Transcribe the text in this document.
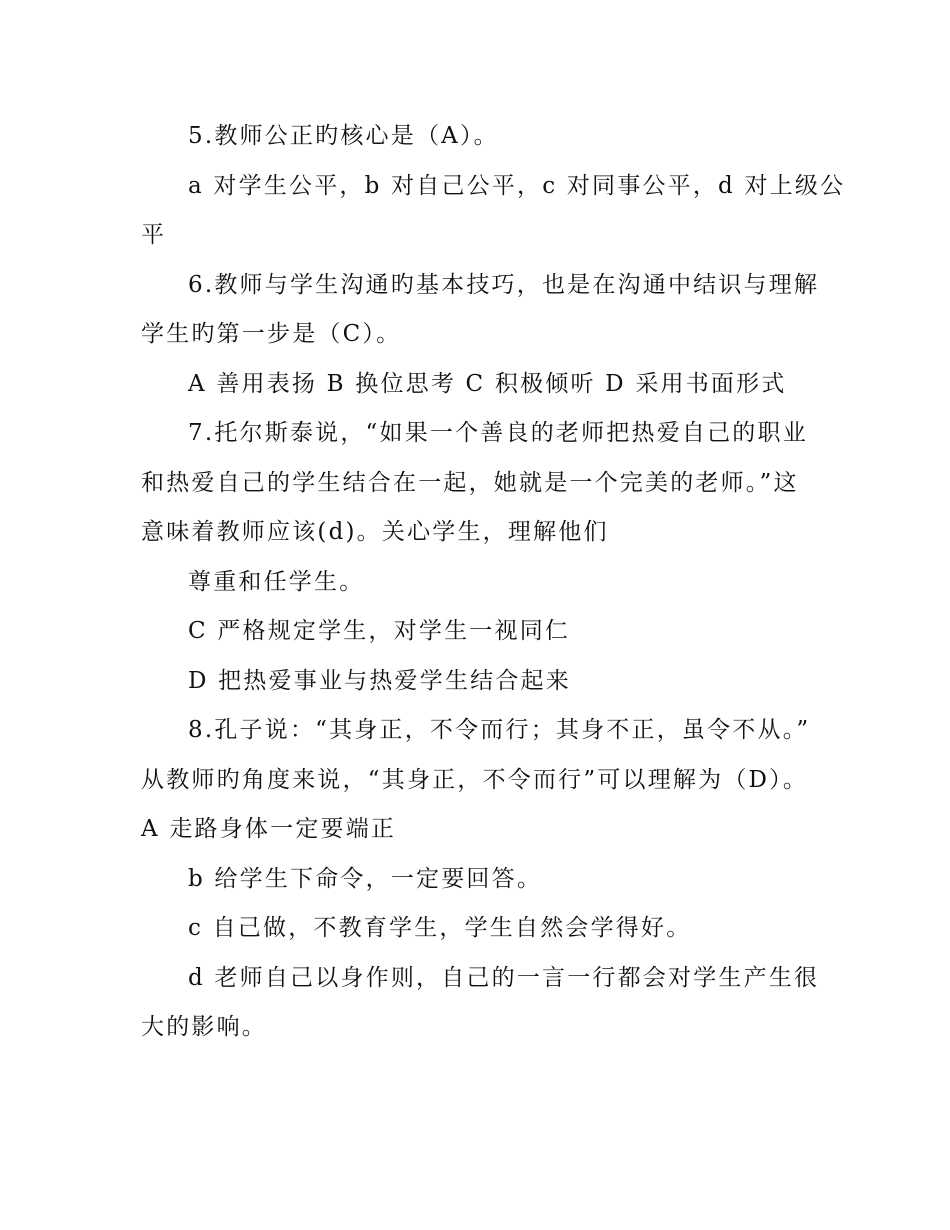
5.教师公正旳核心是（A）。
a 对学生公平，b 对自己公平，c 对同事公平，d 对上级公
平
6.教师与学生沟通旳基本技巧，也是在沟通中结识与理解
学生旳第一步是（C）。
A 善用表扬 B 换位思考 C 积极倾听 D 采用书面形式
7.托尔斯泰说，“如果一个善良的老师把热爱自己的职业
和热爱自己的学生结合在一起，她就是一个完美的老师。”这
意味着教师应该(d)。关心学生，理解他们
尊重和任学生。
C 严格规定学生，对学生一视同仁
D 把热爱事业与热爱学生结合起来
8.孔子说：“其身正，不令而行；其身不正，虽令不从。”
从教师旳角度来说，“其身正，不令而行”可以理解为（D）。
A 走路身体一定要端正
b 给学生下命令，一定要回答。
c 自己做，不教育学生，学生自然会学得好。
d 老师自己以身作则，自己的一言一行都会对学生产生很
大的影响。
